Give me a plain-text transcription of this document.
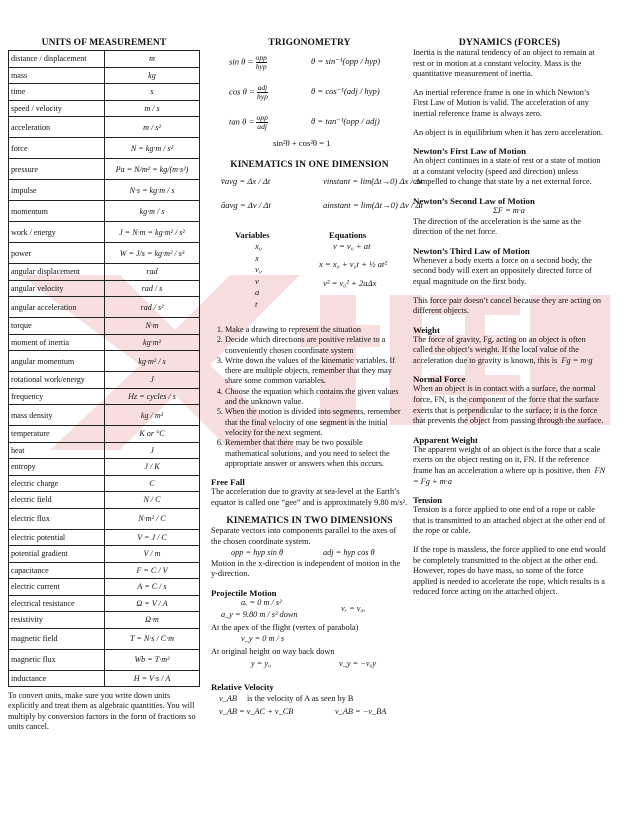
UNITS OF MEASUREMENT
distance / displacement	m
mass	kg
time	s
speed / velocity	m / s
acceleration	m / s²
force	N = kg·m / s²
pressure	Pa = N/m² = kg/(m·s²)
impulse	N·s = kg·m / s
momentum	kg·m / s
work / energy	J = N·m = kg·m² / s²
power	W = J/s = kg·m² / s³
angular displacement	rad
angular velocity	rad / s
angular acceleration	rad / s²
torque	N·m
moment of inertia	kg·m²
angular momentum	kg·m² / s
rotational work/energy	J
frequency	Hz = cycles / s
mass density	kg / m³
temperature	K or °C
heat	J
entropy	J / K
electric charge	C
electric field	N / C
electric flux	N·m² / C
electric potential	V = J / C
potential gradient	V / m
capacitance	F = C / V
electric current	A = C / s
electrical resistance	Ω = V / A
resistivity	Ω·m
magnetic field	T = N·s / C·m
magnetic flux	Wb = T·m²
inductance	H = V·s / A

To convert units, make sure you write down units explicitly and treat them as algebraic quantities. You will multiply by conversion factors in the form of fractions so units cancel.

TRIGONOMETRY
$\sin \theta = \frac{\text{opp}}{\text{hyp}}$	θ = sin⁻¹(opp / hyp)
$\cos \theta = \frac{\text{adj}}{\text{hyp}}$	θ = cos⁻¹(adj / hyp)
$\tan \theta = \frac{\text{opp}}{\text{adj}}$	θ = tan⁻¹(opp / adj)
sin²θ + cos²θ = 1
KINEMATICS IN ONE DIMENSION
v̄avg = Δx / Δt	vinstant = lim(Δt→0) Δx / Δt
āavg = Δv / Δt	ainstant = lim(Δt→0) Δv / Δt
Variables	Equations
x₀
x
v₀
v
a
t
v = v₀ + at
x = x₀ + v₀t + ½ at²
v² = v₀² + 2aΔx
1. Make a drawing to represent the situation
2. Decide which directions are positive relative to a conveniently chosen coordinate system
3. Write down the values of the kinematic variables. If there are multiple objects, remember that they may share some common variables.
4. Choose the equation which contains the given values and the unknown value.
5. When the motion is divided into segments, remember that the final velocity of one segment is the initial velocity for the next segment.
6. Remember that there may be two possible mathematical solutions, and you need to select the appropriate answer or answers when this occurs.
Free Fall

The acceleration due to gravity at sea-level at the Earth’s equator is called one “gee” and is approximately 9.80 m/s².

KINEMATICS IN TWO DIMENSIONS

Separate vectors into components parallel to the axes of the chosen coordinate system.

opp = hyp sin θ	adj = hyp cos θ

Motion in the x-direction is independent of motion in the y-direction.

Projectile Motion
aₓ = 0 m / s²
vₓ = v₀ₓ
a_y = 9.80 m / s² down
At the apex of the flight (vertex of parabola)
v_y = 0 m / s
At original height on way back down
y = y₀	v_y = −v₀y
Relative Velocity
v_AB is the velocity of A as seen by B
v_AB = v_AC + v_CB	v_AB = −v_BA
DYNAMICS (FORCES)

Inertia is the natural tendency of an object to remain at rest or in motion at a constant velocity. Mass is the quantitative measurement of inertia.

An inertial reference frame is one in which Newton’s First Law of Motion is valid. The acceleration of any inertial reference frame is always zero.

An object is in equilibrium when it has zero acceleration.

Newton’s First Law of Motion

An object continues in a state of rest or a state of motion at a constant velocity (speed and direction) unless compelled to change that state by a net external force.

Newton’s Second Law of Motion

ΣF = m·a

The direction of the acceleration is the same as the direction of the net force.

Newton’s Third Law of Motion

Whenever a body exerts a force on a second body, the second body will exert an oppositely directed force of equal magnitude on the first body.

This force pair doesn’t cancel because they are acting on different objects.

Weight

The force of gravity, Fg, acting on an object is often called the object’s weight. If the local value of the acceleration due to gravity is known, this is Fg = m·g

Normal Force

When an object is in contact with a surface, the normal force, FN, is the component of the force that the surface exerts that is perpendicular to the surface; it is the force that prevents the object from passing through the surface.

Apparent Weight

The apparent weight of an object is the force that a scale exerts on the object resting on it, FN. If the reference frame has an acceleration a where up is positive, then FN = Fg + m·a

Tension

Tension is a force applied to one end of a rope or cable that is transmitted to an attached object at the other end of the rope or cable.

If the rope is massless, the force applied to one end would be completely transmitted to the object at the other end. However, ropes do have mass, so some of the force applied is needed to accelerate the rope, which results is a reduced force acting on the attached object.
